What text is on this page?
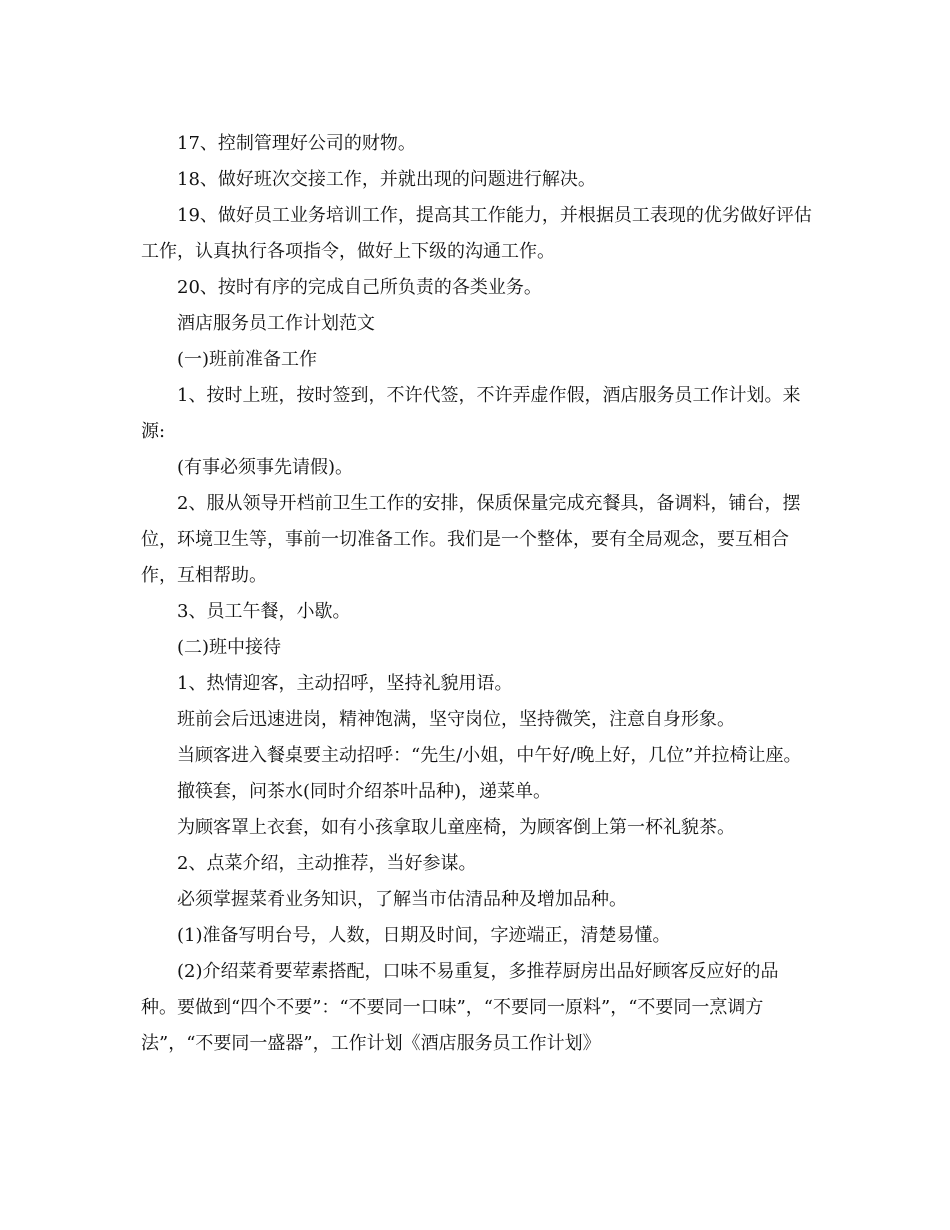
17、控制管理好公司的财物。

18、做好班次交接工作，并就出现的问题进行解决。

19、做好员工业务培训工作，提高其工作能力，并根据员工表现的优劣做好评估工作，认真执行各项指令，做好上下级的沟通工作。

20、按时有序的完成自己所负责的各类业务。

酒店服务员工作计划范文

(一)班前准备工作

1、按时上班，按时签到，不许代签，不许弄虚作假，酒店服务员工作计划。来源:

(有事必须事先请假)。

2、服从领导开档前卫生工作的安排，保质保量完成充餐具，备调料，铺台，摆位，环境卫生等，事前一切准备工作。我们是一个整体，要有全局观念，要互相合作，互相帮助。

3、员工午餐，小歇。

(二)班中接待

1、热情迎客，主动招呼，坚持礼貌用语。

班前会后迅速进岗，精神饱满，坚守岗位，坚持微笑，注意自身形象。

当顾客进入餐桌要主动招呼：“先生/小姐，中午好/晚上好，几位”并拉椅让座。

撤筷套，问茶水(同时介绍茶叶品种)，递菜单。

为顾客罩上衣套，如有小孩拿取儿童座椅，为顾客倒上第一杯礼貌茶。

2、点菜介绍，主动推荐，当好参谋。

必须掌握菜肴业务知识，了解当市估清品种及增加品种。

(1)准备写明台号，人数，日期及时间，字迹端正，清楚易懂。

(2)介绍菜肴要荤素搭配，口味不易重复，多推荐厨房出品好顾客反应好的品种。要做到“四个不要”：“不要同一口味”，“不要同一原料”，“不要同一烹调方法”，“不要同一盛器”，工作计划《酒店服务员工作计划》
